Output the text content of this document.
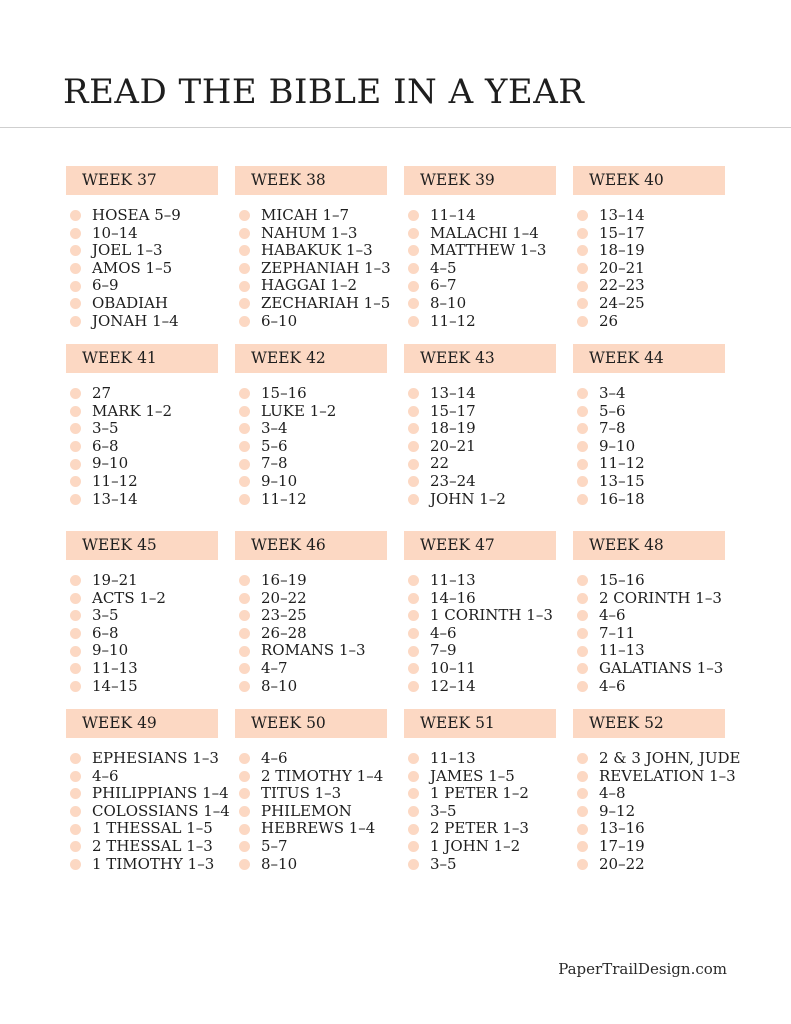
READ THE BIBLE IN A YEAR
WEEK 37
HOSEA 5–9
10–14
JOEL 1–3
AMOS 1–5
6–9
OBADIAH
JONAH 1–4
WEEK 38
MICAH 1–7
NAHUM 1–3
HABAKUK 1–3
ZEPHANIAH 1–3
HAGGAI 1–2
ZECHARIAH 1–5
6–10
WEEK 39
11–14
MALACHI 1–4
MATTHEW 1–3
4–5
6–7
8–10
11–12
WEEK 40
13–14
15–17
18–19
20–21
22–23
24–25
26
WEEK 41
27
MARK 1–2
3–5
6–8
9–10
11–12
13–14
WEEK 42
15–16
LUKE 1–2
3–4
5–6
7–8
9–10
11–12
WEEK 43
13–14
15–17
18–19
20–21
22
23–24
JOHN 1–2
WEEK 44
3–4
5–6
7–8
9–10
11–12
13–15
16–18
WEEK 45
19–21
ACTS 1–2
3–5
6–8
9–10
11–13
14–15
WEEK 46
16–19
20–22
23–25
26–28
ROMANS 1–3
4–7
8–10
WEEK 47
11–13
14–16
1 CORINTH 1–3
4–6
7–9
10–11
12–14
WEEK 48
15–16
2 CORINTH 1–3
4–6
7–11
11–13
GALATIANS 1–3
4–6
WEEK 49
EPHESIANS 1–3
4–6
PHILIPPIANS 1–4
COLOSSIANS 1–4
1 THESSAL 1–5
2 THESSAL 1–3
1 TIMOTHY 1–3
WEEK 50
4–6
2 TIMOTHY 1–4
TITUS 1–3
PHILEMON
HEBREWS 1–4
5–7
8–10
WEEK 51
11–13
JAMES 1–5
1 PETER 1–2
3–5
2 PETER 1–3
1 JOHN 1–2
3–5
WEEK 52
2 & 3 JOHN, JUDE
REVELATION 1–3
4–8
9–12
13–16
17–19
20–22
PaperTrailDesign.com
